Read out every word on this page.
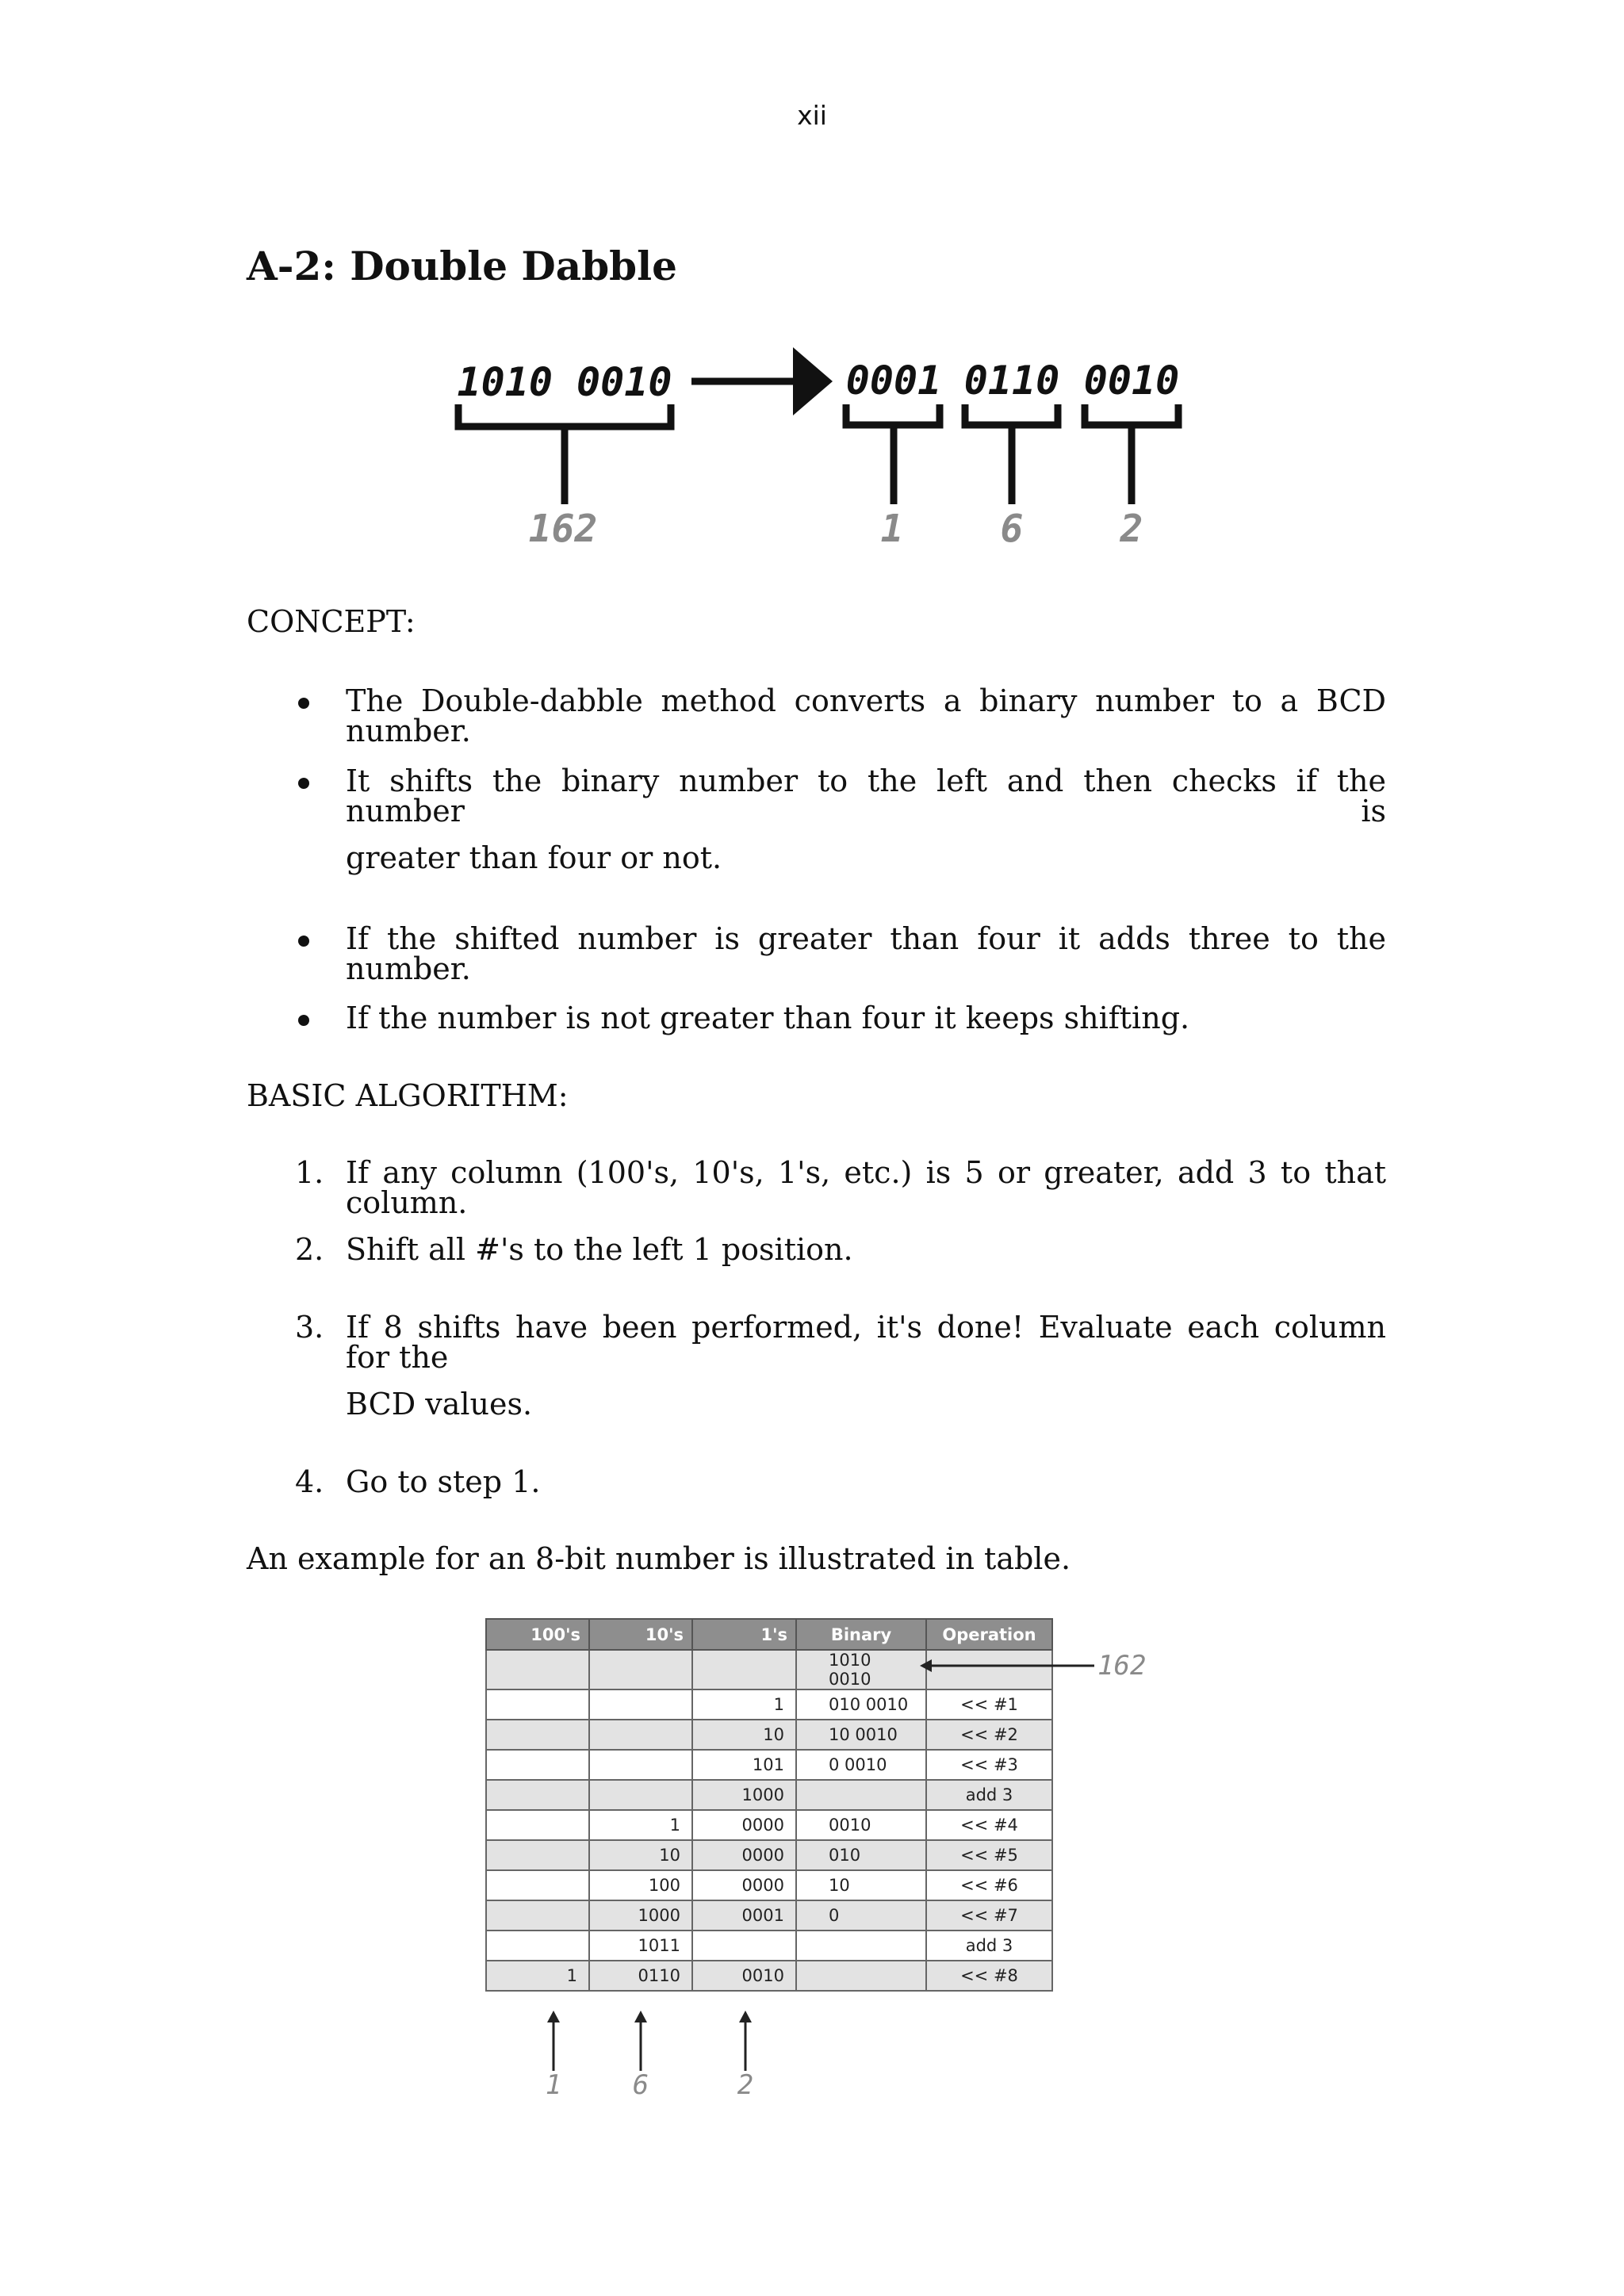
xii
A-2: Double Dabble
1010 0010	0001 0110 0010
162	1	6	2
CONCEPT:
The Double-dabble method converts a binary number to a BCD number.
It shifts the binary number to the left and then checks if the number is
greater than four or not.
If the shifted number is greater than four it adds three to the number.
If the number is not greater than four it keeps shifting.
BASIC ALGORITHM:
1. If any column (100's, 10's, 1's, etc.) is 5 or greater, add 3 to that column.
2. Shift all #'s to the left 1 position.
3. If 8 shifts have been performed, it's done! Evaluate each column for the
BCD values.
4. Go to step 1.
An example for an 8-bit number is illustrated in table.
100's	10's	1's	Binary	Operation
			1010 0010	
		1	010 0010	<< #1
		10	10 0010	<< #2
		101	0 0010	<< #3
		1000		add 3
	1	0000	0010	<< #4
	10	0000	010	<< #5
	100	0000	10	<< #6
	1000	0001	0	<< #7
	1011			add 3
1	0110	0010		<< #8
162
1	6	2
